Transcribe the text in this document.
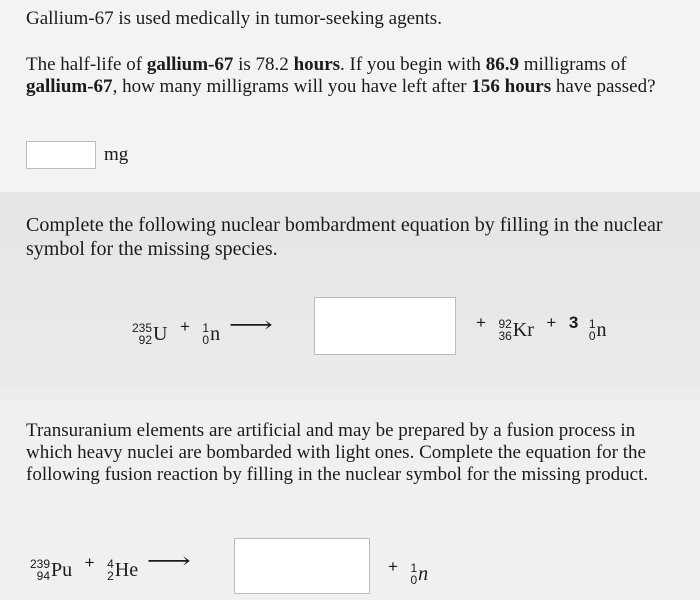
Gallium-67 is used medically in tumor-seeking agents.
The half-life of gallium-67 is 78.2 hours. If you begin with 86.9 milligrams of gallium-67, how many milligrams will you have left after 156 hours have passed?
mg
Complete the following nuclear bombardment equation by filling in the nuclear symbol for the missing species.
235
92 U + 1
0 n ⟶	+ 92
36 Kr + 3 1
0 n
Transuranium elements are artificial and may be prepared by a fusion process in which heavy nuclei are bombarded with light ones. Complete the equation for the following fusion reaction by filling in the nuclear symbol for the missing product.
239
94 Pu + 4
2 He ⟶	+ 1
0 n
